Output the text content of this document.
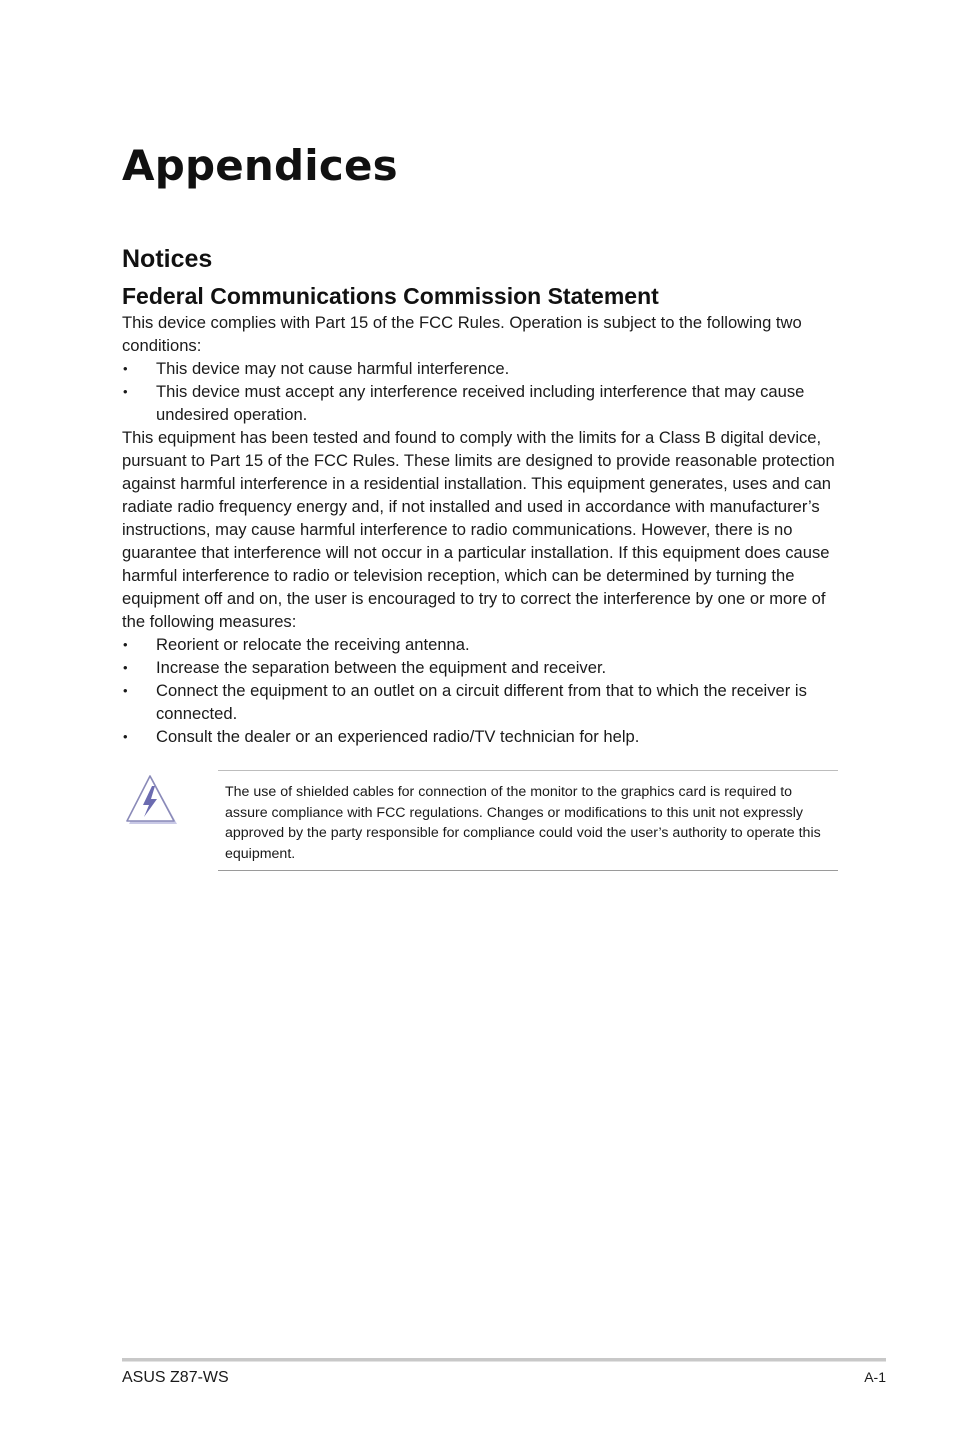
Appendices
Notices
Federal Communications Commission Statement

This device complies with Part 15 of the FCC Rules. Operation is subject to the following two conditions:

• This device may not cause harmful interference.
• This device must accept any interference received including interference that may cause undesired operation.

This equipment has been tested and found to comply with the limits for a Class B digital device, pursuant to Part 15 of the FCC Rules. These limits are designed to provide reasonable protection against harmful interference in a residential installation. This equipment generates, uses and can radiate radio frequency energy and, if not installed and used in accordance with manufacturer’s instructions, may cause harmful interference to radio communications. However, there is no guarantee that interference will not occur in a particular installation. If this equipment does cause harmful interference to radio or television reception, which can be determined by turning the equipment off and on, the user is encouraged to try to correct the interference by one or more of the following measures:

• Reorient or relocate the receiving antenna.
• Increase the separation between the equipment and receiver.
• Connect the equipment to an outlet on a circuit different from that to which the receiver is connected.
• Consult the dealer or an experienced radio/TV technician for help.

The use of shielded cables for connection of the monitor to the graphics card is required to assure compliance with FCC regulations. Changes or modifications to this unit not expressly approved by the party responsible for compliance could void the user’s authority to operate this equipment.

ASUS Z87-WS	A-1
